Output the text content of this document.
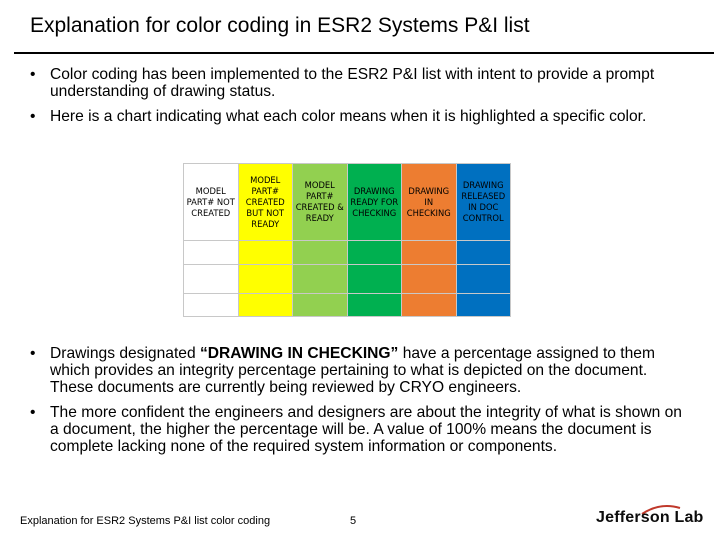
Explanation for color coding in ESR2 Systems P&I list
• Color coding has been implemented to the ESR2 P&I list with intent to provide a prompt understanding of drawing status.
• Here is a chart indicating what each color means when it is highlighted a specific color.
MODEL PART# NOT CREATED	MODEL PART# CREATED BUT NOT READY	MODEL PART# CREATED & READY	DRAWING READY FOR CHECKING	DRAWING IN CHECKING	DRAWING RELEASED IN DOC CONTROL

• Drawings designated “DRAWING IN CHECKING” have a percentage assigned to them which provides an integrity percentage pertaining to what is depicted on the document. These documents are currently being reviewed by CRYO engineers.
• The more confident the engineers and designers are about the integrity of what is shown on a document, the higher the percentage will be. A value of 100% means the document is complete lacking none of the required system information or components.
Explanation for ESR2 Systems P&I list color coding	5	Jefferson Lab
